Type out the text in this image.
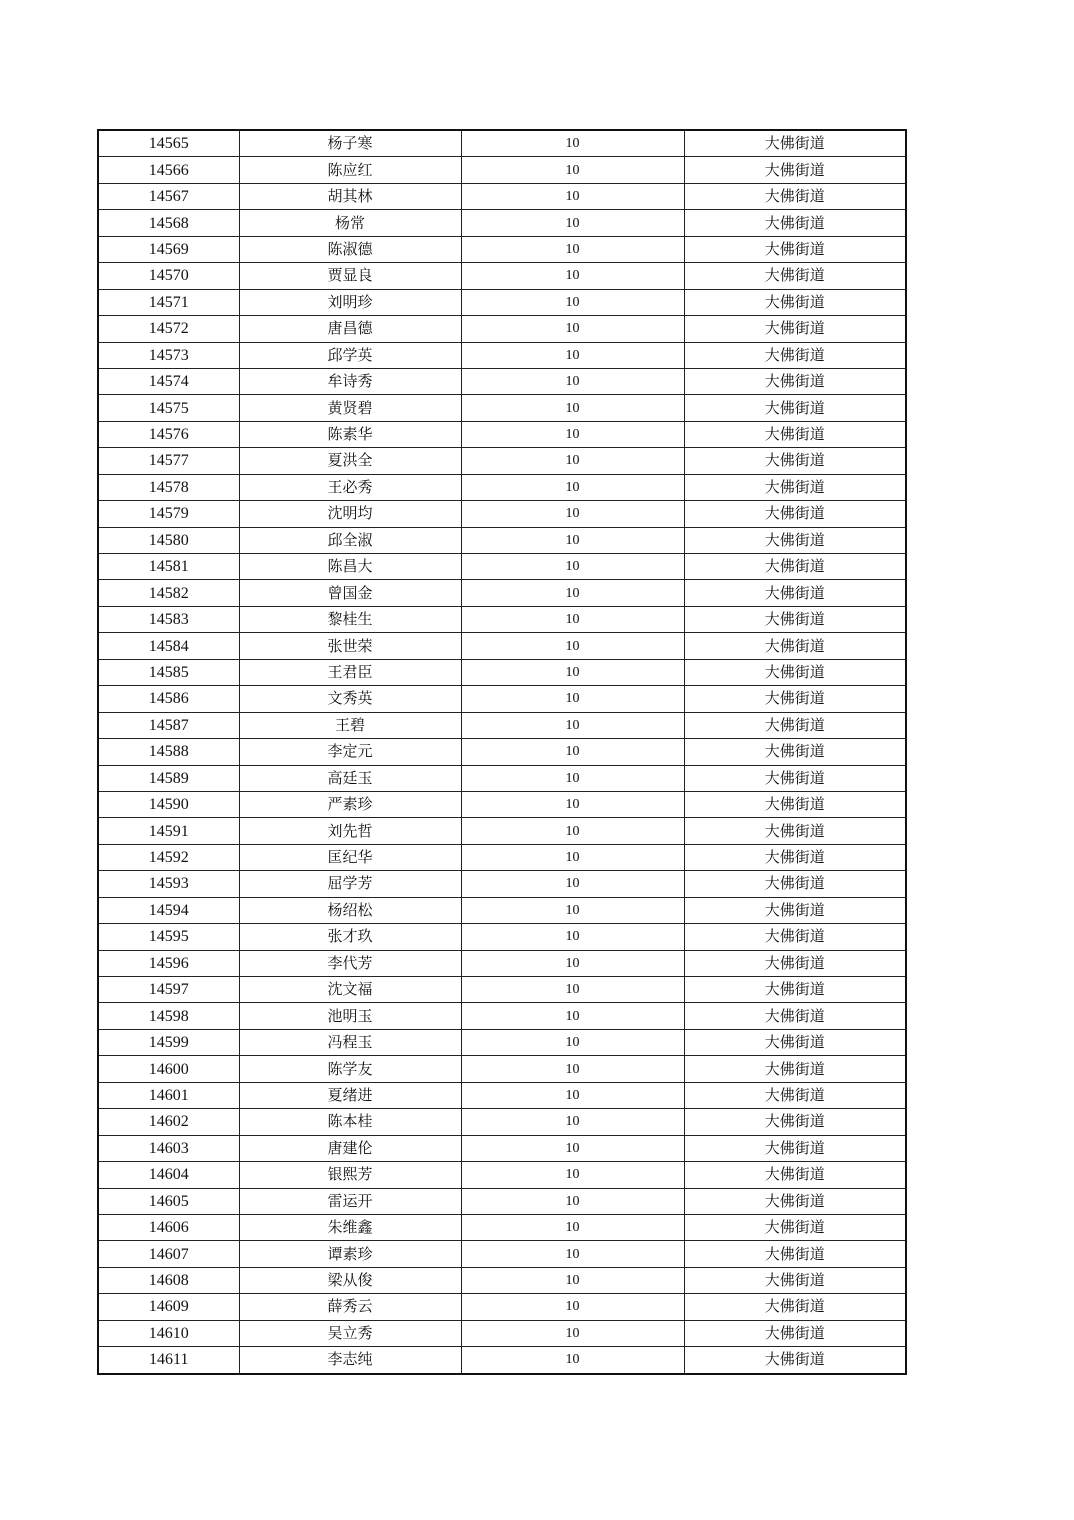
14565	杨子寒	10	大佛街道
14566	陈应红	10	大佛街道
14567	胡其林	10	大佛街道
14568	杨常	10	大佛街道
14569	陈淑德	10	大佛街道
14570	贾显良	10	大佛街道
14571	刘明珍	10	大佛街道
14572	唐昌德	10	大佛街道
14573	邱学英	10	大佛街道
14574	牟诗秀	10	大佛街道
14575	黄贤碧	10	大佛街道
14576	陈素华	10	大佛街道
14577	夏洪全	10	大佛街道
14578	王必秀	10	大佛街道
14579	沈明均	10	大佛街道
14580	邱全淑	10	大佛街道
14581	陈昌大	10	大佛街道
14582	曾国金	10	大佛街道
14583	黎桂生	10	大佛街道
14584	张世荣	10	大佛街道
14585	王君臣	10	大佛街道
14586	文秀英	10	大佛街道
14587	王碧	10	大佛街道
14588	李定元	10	大佛街道
14589	高廷玉	10	大佛街道
14590	严素珍	10	大佛街道
14591	刘先哲	10	大佛街道
14592	匡纪华	10	大佛街道
14593	屈学芳	10	大佛街道
14594	杨绍松	10	大佛街道
14595	张才玖	10	大佛街道
14596	李代芳	10	大佛街道
14597	沈文福	10	大佛街道
14598	池明玉	10	大佛街道
14599	冯程玉	10	大佛街道
14600	陈学友	10	大佛街道
14601	夏绪进	10	大佛街道
14602	陈本桂	10	大佛街道
14603	唐建伦	10	大佛街道
14604	银熙芳	10	大佛街道
14605	雷运开	10	大佛街道
14606	朱维鑫	10	大佛街道
14607	谭素珍	10	大佛街道
14608	梁从俊	10	大佛街道
14609	薛秀云	10	大佛街道
14610	吴立秀	10	大佛街道
14611	李志纯	10	大佛街道
